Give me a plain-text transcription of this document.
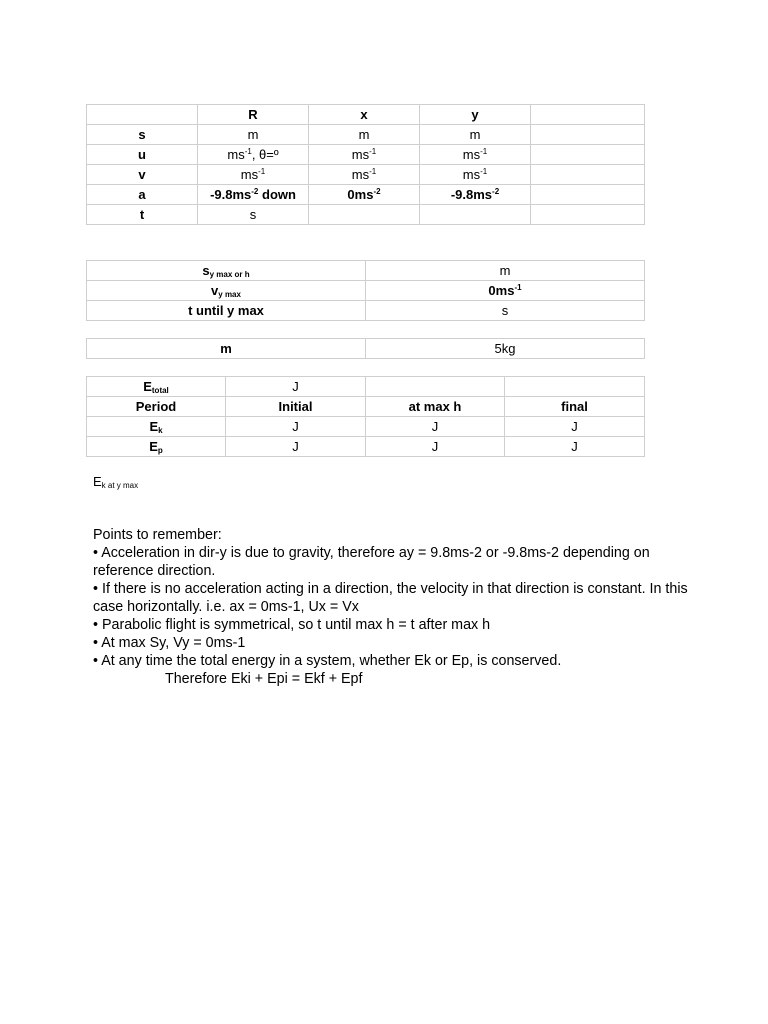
	R	x	y	
s	m	m	m	
u	$ms^{-1}$, θ=º	$ms^{-1}$	$ms^{-1}$	
v	$ms^{-1}$	$ms^{-1}$	$ms^{-1}$	
a	$-9.8ms^{-2}$ down	$0ms^{-2}$	$-9.8ms^{-2}$	
t	s			
$s_{y max or h}$	m
$v_{y max}$	$0ms^{-1}$
t until y max	s
m	5kg
$E_{total}$	J		
Period	Initial	at max h	final
$E_k$	J	J	J
$E_p$	J	J	J
$E_{k at y max}$

Points to remember:

• Acceleration in dir-y is due to gravity, therefore ay = 9.8ms-2 or -9.8ms-2 depending on reference direction.

• If there is no acceleration acting in a direction, the velocity in that direction is constant. In this case horizontally. i.e. ax = 0ms-1, Ux = Vx

• Parabolic flight is symmetrical, so t until max h = t after max h

• At max Sy, Vy = 0ms-1

• At any time the total energy in a system, whether Ek or Ep, is conserved.

Therefore Eki + Epi = Ekf + Epf
